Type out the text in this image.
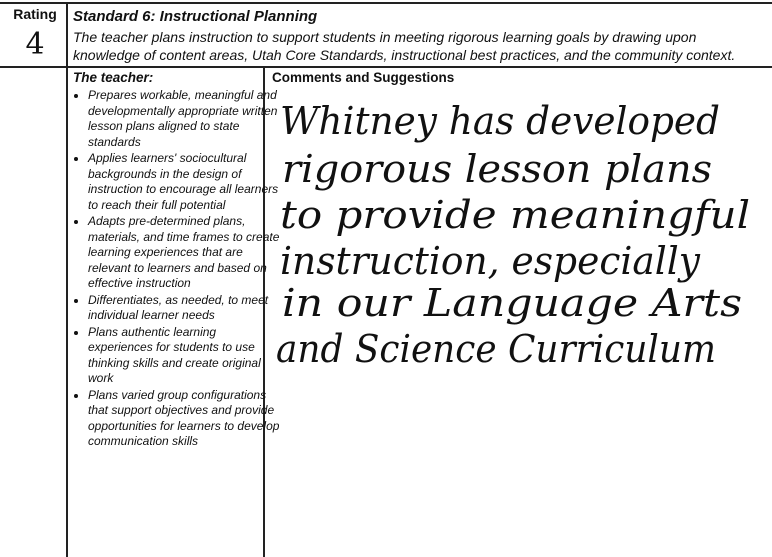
Rating
4
Standard 6: Instructional Planning
The teacher plans instruction to support students in meeting rigorous learning goals by drawing upon knowledge of content areas, Utah Core Standards, instructional best practices, and the community context.
The teacher:
• Prepares workable, meaningful and developmentally appropriate written lesson plans aligned to state standards
• Applies learners' sociocultural backgrounds in the design of instruction to encourage all learners to reach their full potential
• Adapts pre-determined plans, materials, and time frames to create learning experiences that are relevant to learners and based on effective instruction
• Differentiates, as needed, to meet individual learner needs
• Plans authentic learning experiences for students to use thinking skills and create original work
• Plans varied group configurations that support objectives and provide opportunities for learners to develop communication skills
Comments and Suggestions
Whitney has developed
rigorous lesson plans
to provide meaningful
instruction, especially
in our Language Arts
and Science Curriculum
